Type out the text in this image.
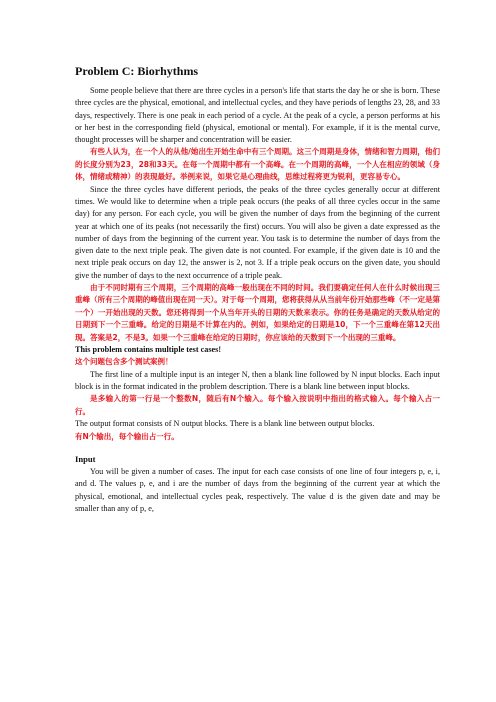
Problem C: Biorhythms

Some people believe that there are three cycles in a person's life that starts the day he or she is born. These three cycles are the physical, emotional, and intellectual cycles, and they have periods of lengths 23, 28, and 33 days, respectively. There is one peak in each period of a cycle. At the peak of a cycle, a person performs at his or her best in the corresponding field (physical, emotional or mental). For example, if it is the mental curve, thought processes will be sharper and concentration will be easier.

有些人认为，在一个人的从他/她出生开始生命中有三个周期。这三个周期是身体，情绪和智力周期，他们的长度分别为23，28和33天。在每一个周期中都有一个高峰。在一个周期的高峰，一个人在相应的领域（身体，情绪或精神）的表现最好。举例来说，如果它是心理曲线，思维过程将更为锐利，更容易专心。

Since the three cycles have different periods, the peaks of the three cycles generally occur at different times. We would like to determine when a triple peak occurs (the peaks of all three cycles occur in the same day) for any person. For each cycle, you will be given the number of days from the beginning of the current year at which one of its peaks (not necessarily the first) occurs. You will also be given a date expressed as the number of days from the beginning of the current year. You task is to determine the number of days from the given date to the next triple peak. The given date is not counted. For example, if the given date is 10 and the next triple peak occurs on day 12, the answer is 2, not 3. If a triple peak occurs on the given date, you should give the number of days to the next occurrence of a triple peak.

由于不同时期有三个周期，三个周期的高峰一般出现在不同的时间。我们要确定任何人在什么时候出现三重峰（所有三个周期的峰值出现在同一天）。对于每一个周期，您将获得从从当前年份开始那些峰（不一定是第一个）一开始出现的天数。您还将得到一个从当年开头的日期的天数来表示。你的任务是确定的天数从给定的日期到下一个三重峰。给定的日期是不计算在内的。例如，如果给定的日期是10，下一个三重峰在第12天出现。答案是2，不是3。如果一个三重峰在给定的日期时，你应该给的天数到下一个出现的三重峰。

This problem contains multiple test cases!

这个问题包含多个测试案例！

The first line of a multiple input is an integer N, then a blank line followed by N input blocks. Each input block is in the format indicated in the problem description. There is a blank line between input blocks.

是多输入的第一行是一个整数N，随后有N个输入。每个输入按说明中指出的格式输入。每个输入占一行。

The output format consists of N output blocks. There is a blank line between output blocks.

有N个输出，每个输出占一行。

Input

You will be given a number of cases. The input for each case consists of one line of four integers p, e, i, and d. The values p, e, and i are the number of days from the beginning of the current year at which the physical, emotional, and intellectual cycles peak, respectively. The value d is the given date and may be smaller than any of p, e,
